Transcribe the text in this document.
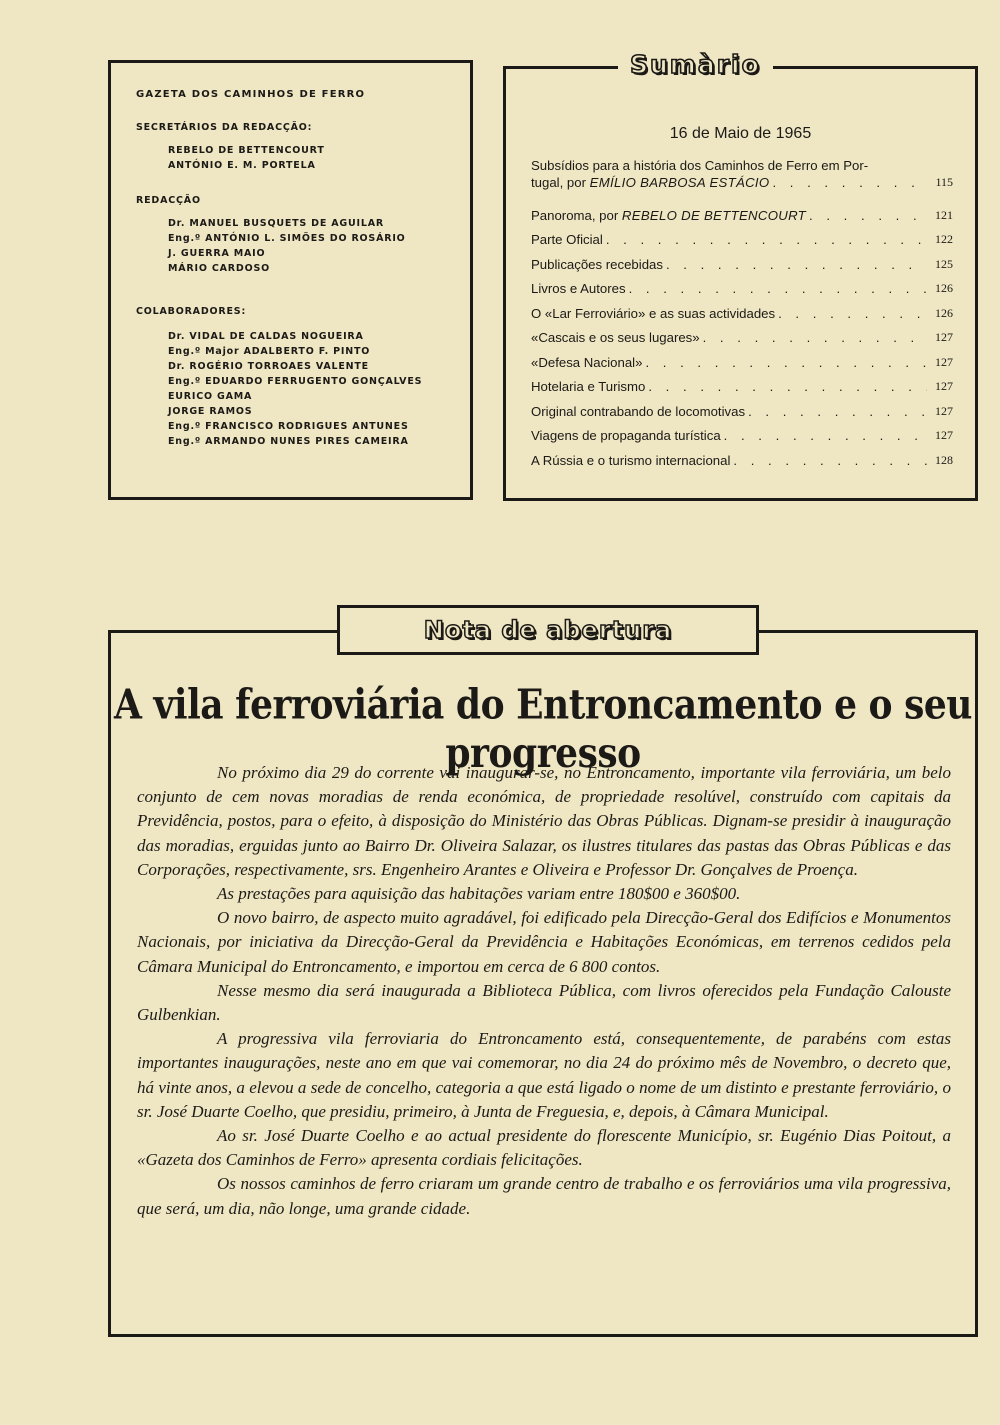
GAZETA DOS CAMINHOS DE FERRO
SECRETÁRIOS DA REDACÇÃO:
REBELO DE BETTENCOURT
ANTÓNIO E. M. PORTELA
REDACÇÃO
Dr. MANUEL BUSQUETS DE AGUILAR
Eng.º ANTÓNIO L. SIMÕES DO ROSÁRIO
J. GUERRA MAIO
MÁRIO CARDOSO
COLABORADORES:
Dr. VIDAL DE CALDAS NOGUEIRA
Eng.º Major ADALBERTO F. PINTO
Dr. ROGÉRIO TORROAES VALENTE
Eng.º EDUARDO FERRUGENTO GONÇALVES
EURICO GAMA
JORGE RAMOS
Eng.º FRANCISCO RODRIGUES ANTUNES
Eng.º ARMANDO NUNES PIRES CAMEIRA
Sumàrio
16 de Maio de 1965
Subsídios para a história dos Caminhos de Ferro em Por-
tugal, por EMÍLIO BARBOSA ESTÁCIO . . .	115
Panoroma, por REBELO DE BETTENCOURT . . .	121
Parte Oficial . . .	122
Publicações recebidas . . .	125
Livros e Autores . . .	126
O «Lar Ferroviário» e as suas actividades . . .	126
«Cascais e os seus lugares» . . .	127
«Defesa Nacional» . . .	127
Hotelaria e Turismo . . .	127
Original contrabando de locomotivas . . .	127
Viagens de propaganda turística . . .	127
A Rússia e o turismo internacional . . .	128
Nota de abertura
A vila ferroviária do Entroncamento e o seu progresso

No próximo dia 29 do corrente vai inaugurar-se, no Entroncamento, importante vila ferroviária, um belo conjunto de cem novas moradias de renda económica, de propriedade resolúvel, construído com capitais da Previdência, postos, para o efeito, à disposição do Ministério das Obras Públicas. Dignam-se presidir à inauguração das moradias, erguidas junto ao Bairro Dr. Oliveira Salazar, os ilustres titulares das pastas das Obras Públicas e das Corporações, respectivamente, srs. Engenheiro Arantes e Oliveira e Professor Dr. Gonçalves de Proença.

As prestações para aquisição das habitações variam entre 180$00 e 360$00.

O novo bairro, de aspecto muito agradável, foi edificado pela Direcção-Geral dos Edifícios e Monumentos Nacionais, por iniciativa da Direcção-Geral da Previdência e Habitações Económicas, em terrenos cedidos pela Câmara Municipal do Entroncamento, e importou em cerca de 6 800 contos.

Nesse mesmo dia será inaugurada a Biblioteca Pública, com livros oferecidos pela Fundação Calouste Gulbenkian.

A progressiva vila ferroviaria do Entroncamento está, consequentemente, de parabéns com estas importantes inaugurações, neste ano em que vai comemorar, no dia 24 do próximo mês de Novembro, o decreto que, há vinte anos, a elevou a sede de concelho, categoria a que está ligado o nome de um distinto e prestante ferroviário, o sr. José Duarte Coelho, que presidiu, primeiro, à Junta de Freguesia, e, depois, à Câmara Municipal.

Ao sr. José Duarte Coelho e ao actual presidente do florescente Município, sr. Eugénio Dias Poitout, a «Gazeta dos Caminhos de Ferro» apresenta cordiais felicitações.

Os nossos caminhos de ferro criaram um grande centro de trabalho e os ferroviários uma vila progressiva, que será, um dia, não longe, uma grande cidade.
